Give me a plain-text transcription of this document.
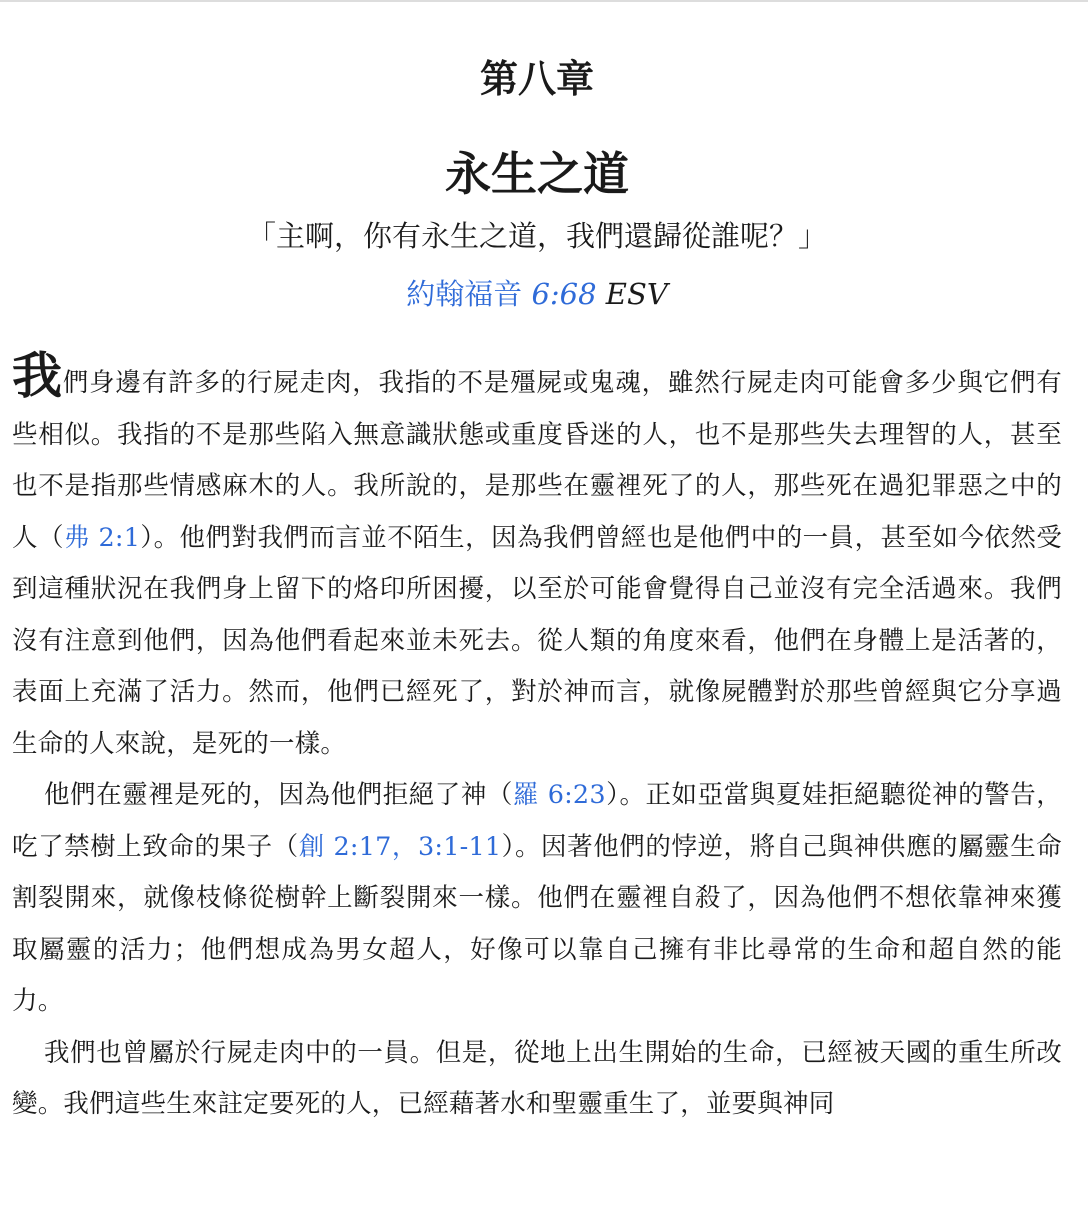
第八章
永生之道
「主啊，你有永生之道，我們還歸從誰呢？」
約翰福音 6:68 ESV

我們身邊有許多的行屍走肉，我指的不是殭屍或鬼魂，雖然行屍走肉可能會多少與它們有些相似。我指的不是那些陷入無意識狀態或重度昏迷的人，也不是那些失去理智的人，甚至也不是指那些情感麻木的人。我所說的，是那些在靈裡死了的人，那些死在過犯罪惡之中的人（弗 2:1）。他們對我們而言並不陌生，因為我們曾經也是他們中的一員，甚至如今依然受到這種狀況在我們身上留下的烙印所困擾，以至於可能會覺得自己並沒有完全活過來。我們沒有注意到他們，因為他們看起來並未死去。從人類的角度來看，他們在身體上是活著的，表面上充滿了活力。然而，他們已經死了，對於神而言，就像屍體對於那些曾經與它分享過生命的人來說，是死的一樣。

他們在靈裡是死的，因為他們拒絕了神（羅 6:23）。正如亞當與夏娃拒絕聽從神的警告，吃了禁樹上致命的果子（創 2:17，3:1-11）。因著他們的悖逆，將自己與神供應的屬靈生命割裂開來，就像枝條從樹幹上斷裂開來一樣。他們在靈裡自殺了，因為他們不想依靠神來獲取屬靈的活力；他們想成為男女超人，好像可以靠自己擁有非比尋常的生命和超自然的能力。

我們也曾屬於行屍走肉中的一員。但是，從地上出生開始的生命，已經被天國的重生所改變。我們這些生來註定要死的人，已經藉著水和聖靈重生了，並要與神同
